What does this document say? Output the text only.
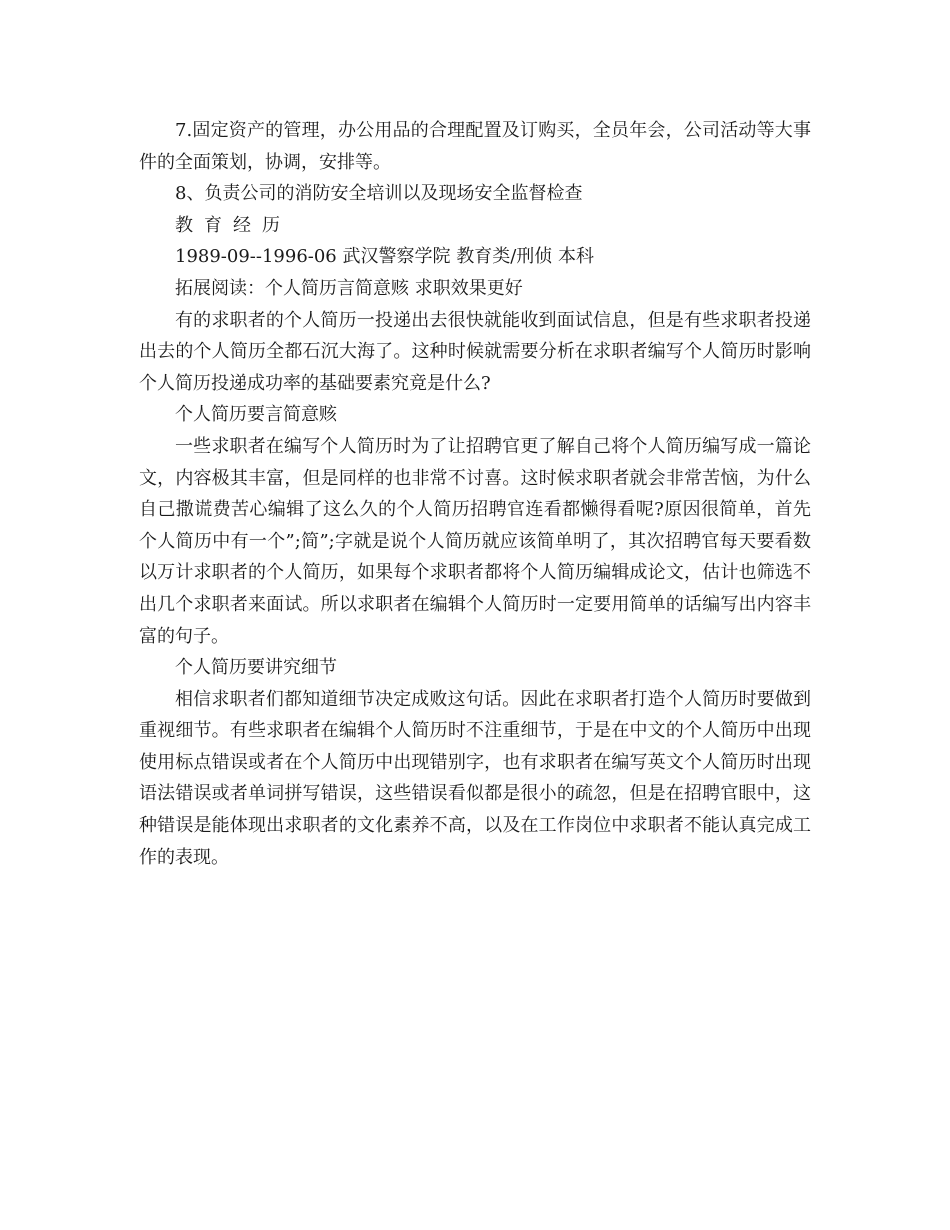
7.固定资产的管理，办公用品的合理配置及订购买，全员年会，公司活动等大事件的全面策划，协调，安排等。

8、负责公司的消防安全培训以及现场安全监督检查

教育经历

1989-09--1996-06 武汉警察学院 教育类/刑侦 本科

拓展阅读：个人简历言简意赅 求职效果更好

有的求职者的个人简历一投递出去很快就能收到面试信息，但是有些求职者投递出去的个人简历全都石沉大海了。这种时候就需要分析在求职者编写个人简历时影响个人简历投递成功率的基础要素究竟是什么?

个人简历要言简意赅

一些求职者在编写个人简历时为了让招聘官更了解自己将个人简历编写成一篇论文，内容极其丰富，但是同样的也非常不讨喜。这时候求职者就会非常苦恼，为什么自己撒谎费苦心编辑了这么久的个人简历招聘官连看都懒得看呢?原因很简单，首先个人简历中有一个”;简”;字就是说个人简历就应该简单明了，其次招聘官每天要看数以万计求职者的个人简历，如果每个求职者都将个人简历编辑成论文，估计也筛选不出几个求职者来面试。所以求职者在编辑个人简历时一定要用简单的话编写出内容丰富的句子。

个人简历要讲究细节

相信求职者们都知道细节决定成败这句话。因此在求职者打造个人简历时要做到重视细节。有些求职者在编辑个人简历时不注重细节，于是在中文的个人简历中出现使用标点错误或者在个人简历中出现错别字，也有求职者在编写英文个人简历时出现语法错误或者单词拼写错误，这些错误看似都是很小的疏忽，但是在招聘官眼中，这种错误是能体现出求职者的文化素养不高，以及在工作岗位中求职者不能认真完成工作的表现。
